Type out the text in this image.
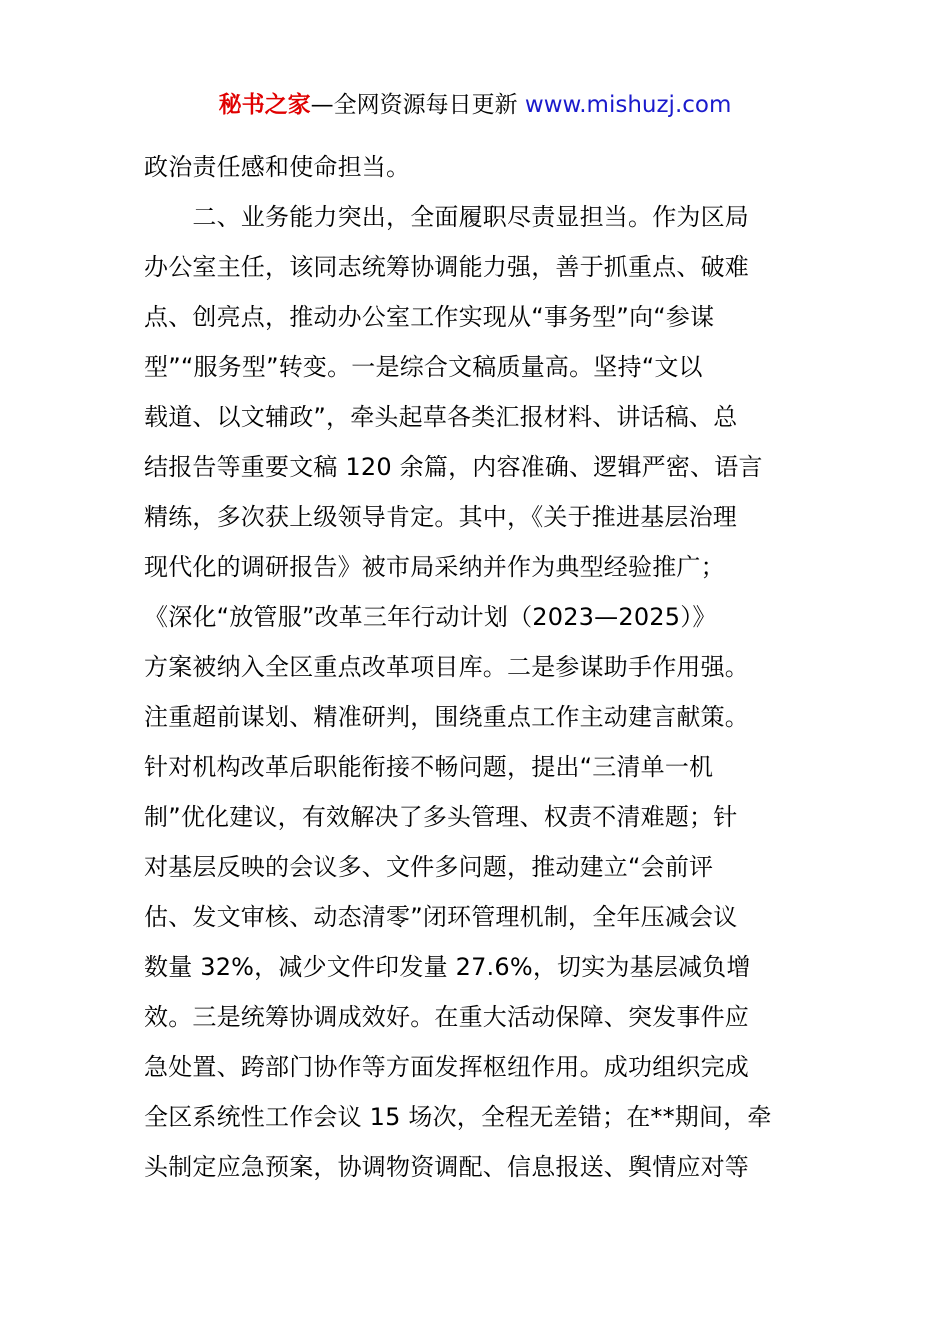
秘书之家—全网资源每日更新 www.mishuzj.com
政治责任感和使命担当。
　　二、业务能力突出，全面履职尽责显担当。作为区局
办公室主任，该同志统筹协调能力强，善于抓重点、破难
点、创亮点，推动办公室工作实现从“事务型”向“参谋
型”“服务型”转变。一是综合文稿质量高。坚持“文以
载道、以文辅政”，牵头起草各类汇报材料、讲话稿、总
结报告等重要文稿 120 余篇，内容准确、逻辑严密、语言
精练，多次获上级领导肯定。其中，《关于推进基层治理
现代化的调研报告》被市局采纳并作为典型经验推广；
《深化“放管服”改革三年行动计划（2023—2025）》
方案被纳入全区重点改革项目库。二是参谋助手作用强。
注重超前谋划、精准研判，围绕重点工作主动建言献策。
针对机构改革后职能衔接不畅问题，提出“三清单一机
制”优化建议，有效解决了多头管理、权责不清难题；针
对基层反映的会议多、文件多问题，推动建立“会前评
估、发文审核、动态清零”闭环管理机制，全年压减会议
数量 32%，减少文件印发量 27.6%，切实为基层减负增
效。三是统筹协调成效好。在重大活动保障、突发事件应
急处置、跨部门协作等方面发挥枢纽作用。成功组织完成
全区系统性工作会议 15 场次，全程无差错；在**期间，牵
头制定应急预案，协调物资调配、信息报送、舆情应对等
